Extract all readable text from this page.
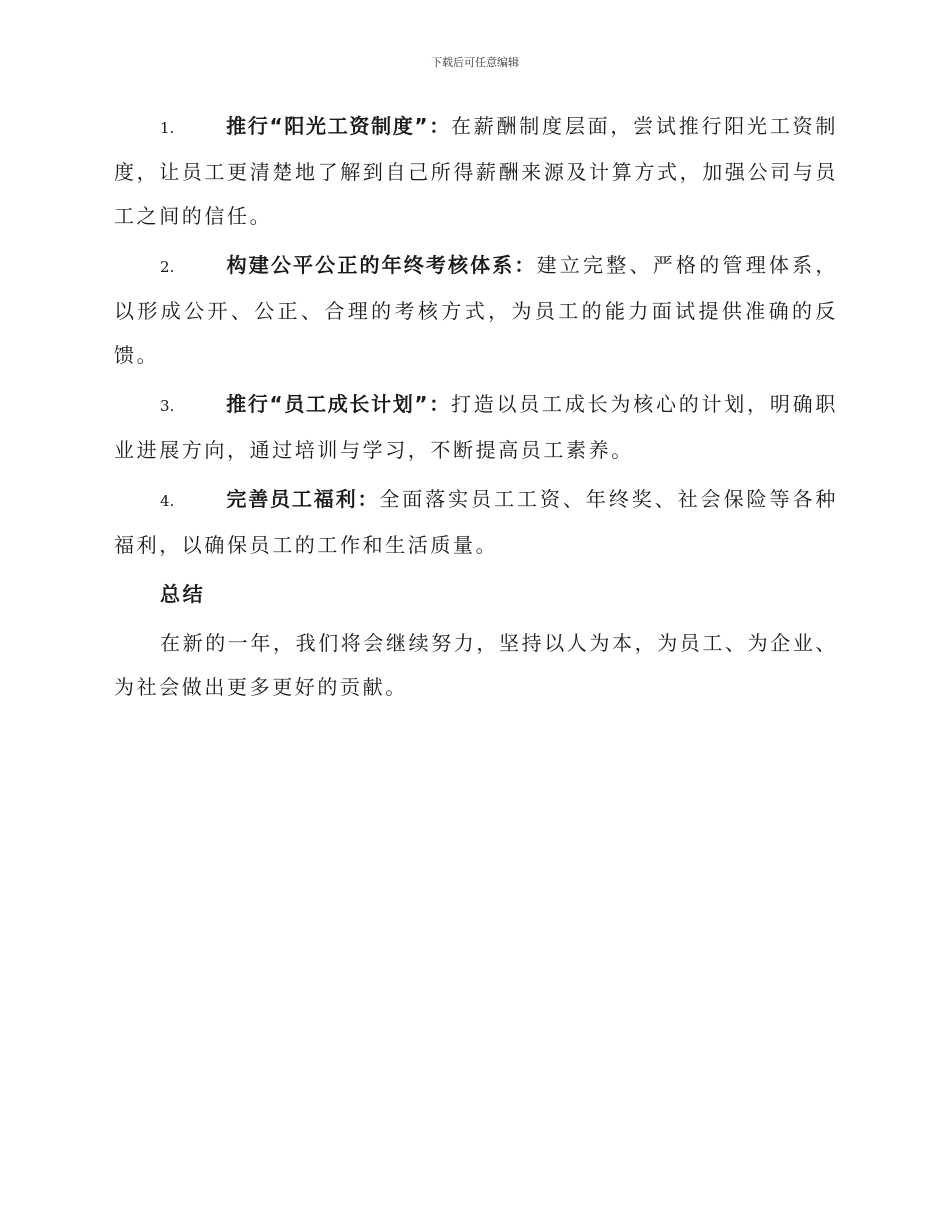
下载后可任意编辑

1.	推行“阳光工资制度”：在薪酬制度层面，尝试推行阳光工资制度，让员工更清楚地了解到自己所得薪酬来源及计算方式，加强公司与员工之间的信任。

2.	构建公平公正的年终考核体系：建立完整、严格的管理体系，以形成公开、公正、合理的考核方式，为员工的能力面试提供准确的反馈。

3.	推行“员工成长计划”：打造以员工成长为核心的计划，明确职业进展方向，通过培训与学习，不断提高员工素养。

4.	完善员工福利：全面落实员工工资、年终奖、社会保险等各种福利，以确保员工的工作和生活质量。

总结

在新的一年，我们将会继续努力，坚持以人为本，为员工、为企业、为社会做出更多更好的贡献。
